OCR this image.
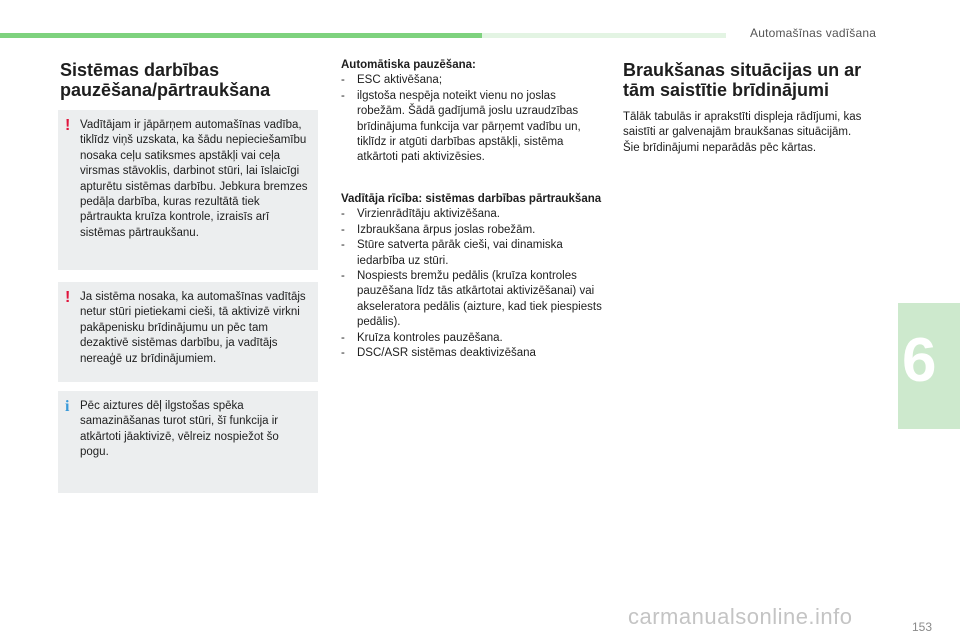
Automašīnas vadīšana
Sistēmas darbības pauzēšana/pārtraukšana
! Vadītājam ir jāpārņem automašīnas vadība, tiklīdz viņš uzskata, ka šādu nepieciešamību nosaka ceļu satiksmes apstākļi vai ceļa virsmas stāvoklis, darbinot stūri, lai īslaicīgi apturētu sistēmas darbību. Jebkura bremzes pedāļa darbība, kuras rezultātā tiek pārtraukta kruīza kontrole, izraisīs arī sistēmas pārtraukšanu.
! Ja sistēma nosaka, ka automašīnas vadītājs netur stūri pietiekami cieši, tā aktivizē virkni pakāpenisku brīdinājumu un pēc tam dezaktivē sistēmas darbību, ja vadītājs nereaģē uz brīdinājumiem.
i Pēc aiztures dēļ ilgstošas spēka samazināšanas turot stūri, šī funkcija ir atkārtoti jāaktivizē, vēlreiz nospiežot šo pogu.
Automātiska pauzēšana:
- ESC aktivēšana;
- ilgstoša nespēja noteikt vienu no joslas robežām. Šādā gadījumā joslu uzraudzības brīdinājuma funkcija var pārņemt vadību un, tiklīdz ir atgūti darbības apstākļi, sistēma atkārtoti pati aktivizēsies.
Vadītāja rīcība: sistēmas darbības pārtraukšana
- Virzienrādītāju aktivizēšana.
- Izbraukšana ārpus joslas robežām.
- Stūre satverta pārāk cieši, vai dinamiska iedarbība uz stūri.
- Nospiests bremžu pedālis (kruīza kontroles pauzēšana līdz tās atkārtotai aktivizēšanai) vai akseleratora pedālis (aizture, kad tiek piespiests pedālis).
- Kruīza kontroles pauzēšana.
- DSC/ASR sistēmas deaktivizēšana
Braukšanas situācijas un ar tām saistītie brīdinājumi

Tālāk tabulās ir aprakstīti displeja rādījumi, kas saistīti ar galvenajām braukšanas situācijām.

Šie brīdinājumi neparādās pēc kārtas.

6
carmanualsonline.info	153
